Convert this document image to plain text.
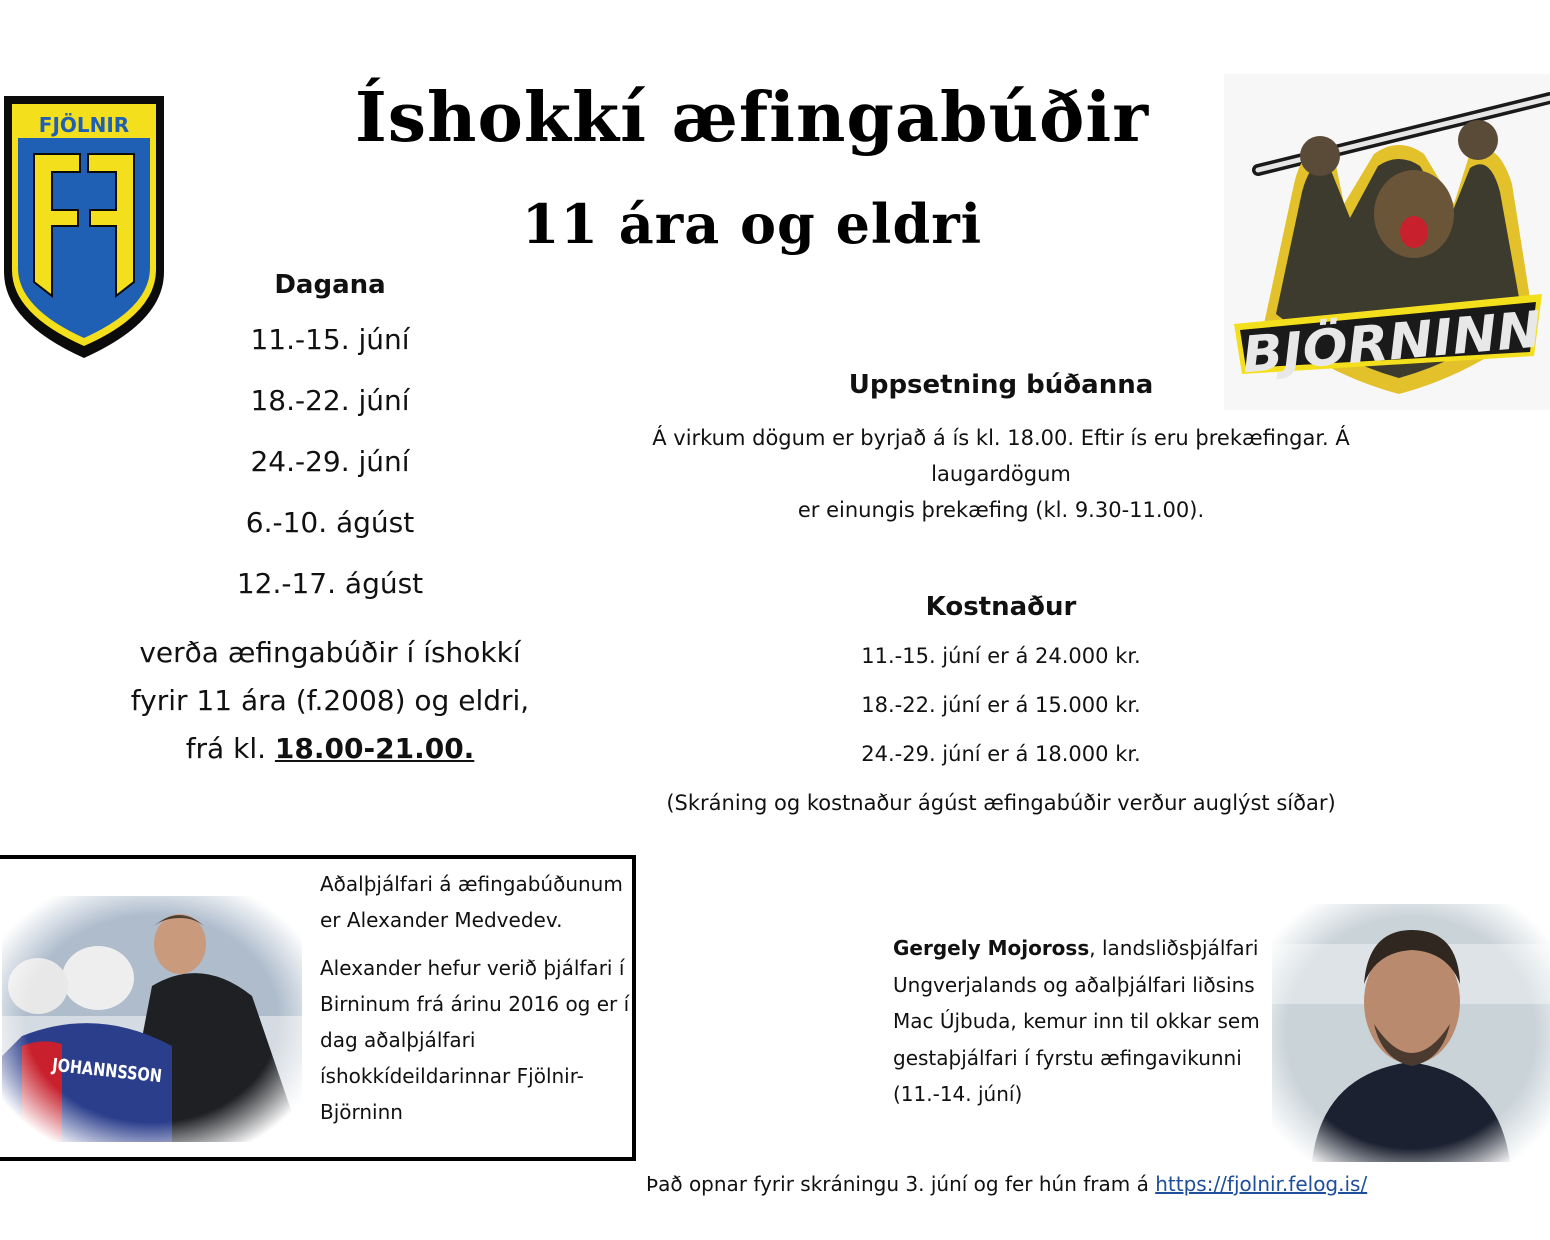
FJÖLNIR
BJÖRNINN
Íshokkí æfingabúðir
11 ára og eldri
Dagana
11.-15. júní
18.-22. júní
24.-29. júní
6.-10. ágúst
12.-17. ágúst
verða æfingabúðir í íshokkí
fyrir 11 ára (f.2008) og eldri,
frá kl. 18.00-21.00.
Uppsetning búðanna
Á virkum dögum er byrjað á ís kl. 18.00. Eftir ís eru þrekæfingar. Á laugardögum
er einungis þrekæfing (kl. 9.30-11.00).
Kostnaður
11.-15. júní er á 24.000 kr.
18.-22. júní er á 15.000 kr.
24.-29. júní er á 18.000 kr.
(Skráning og kostnaður ágúst æfingabúðir verður auglýst síðar)

Aðalþjálfari á æfingabúðunum
er Alexander Medvedev.

Alexander hefur verið þjálfari í
Birninum frá árinu 2016 og er í
dag aðalþjálfari
íshokkídeildarinnar Fjölnir-
Björninn

Gergely Mojoross, landsliðsþjálfari
Ungverjalands og aðalþjálfari liðsins
Mac Újbuda, kemur inn til okkar sem
gestaþjálfari í fyrstu æfingavikunni
(11.-14. júní)
Það opnar fyrir skráningu 3. júní og fer hún fram á https://fjolnir.felog.is/
